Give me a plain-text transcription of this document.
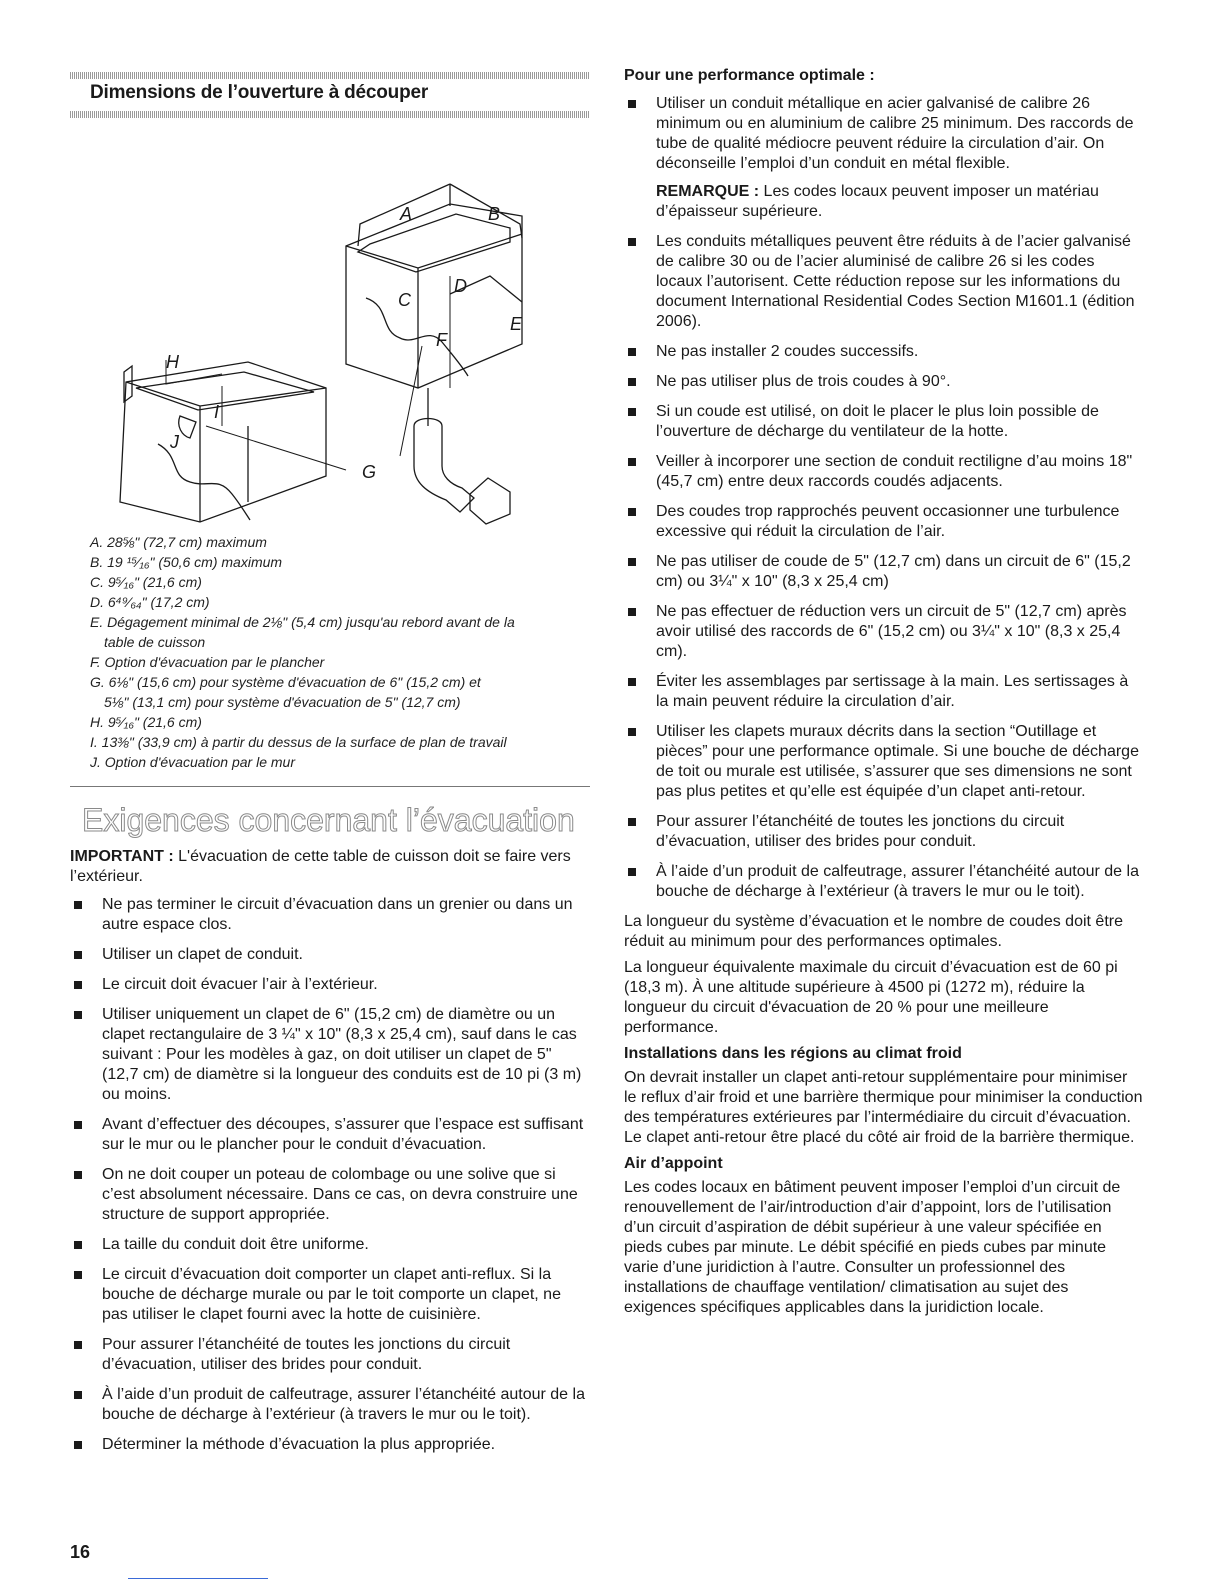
Dimensions de l’ouverture à découper
A	B
C
D
E
F
G
H
I
J
A. 28⅝" (72,7 cm) maximum
B. 19 ¹⁵⁄₁₆" (50,6 cm) maximum
C. 9⁵⁄₁₆" (21,6 cm)
D. 6⁴⁹⁄₆₄" (17,2 cm)
E. Dégagement minimal de 2⅛" (5,4 cm) jusqu'au rebord avant de la
table de cuisson
F. Option d'évacuation par le plancher
G. 6⅛" (15,6 cm) pour système d'évacuation de 6" (15,2 cm) et
5⅛" (13,1 cm) pour système d'évacuation de 5" (12,7 cm)
H. 9⁵⁄₁₆" (21,6 cm)
I. 13⅜" (33,9 cm) à partir du dessus de la surface de plan de travail
J. Option d'évacuation par le mur
Exigences concernant l’évacuation

IMPORTANT : L'évacuation de cette table de cuisson doit se faire vers l’extérieur.

Ne pas terminer le circuit d’évacuation dans un grenier ou dans un autre espace clos.
Utiliser un clapet de conduit.
Le circuit doit évacuer l’air à l’extérieur.
Utiliser uniquement un clapet de 6" (15,2 cm) de diamètre ou un clapet rectangulaire de 3 ¼" x 10" (8,3 x 25,4 cm), sauf dans le cas suivant : Pour les modèles à gaz, on doit utiliser un clapet de 5" (12,7 cm) de diamètre si la longueur des conduits est de 10 pi (3 m) ou moins.
Avant d’effectuer des découpes, s’assurer que l’espace est suffisant sur le mur ou le plancher pour le conduit d’évacuation.
On ne doit couper un poteau de colombage ou une solive que si c’est absolument nécessaire. Dans ce cas, on devra construire une structure de support appropriée.
La taille du conduit doit être uniforme.
Le circuit d’évacuation doit comporter un clapet anti-reflux. Si la bouche de décharge murale ou par le toit comporte un clapet, ne pas utiliser le clapet fourni avec la hotte de cuisinière.
Pour assurer l’étanchéité de toutes les jonctions du circuit d’évacuation, utiliser des brides pour conduit.
À l’aide d’un produit de calfeutrage, assurer l’étanchéité autour de la bouche de décharge à l’extérieur (à travers le mur ou le toit).
Déterminer la méthode d’évacuation la plus appropriée.

Pour une performance optimale :

Utiliser un conduit métallique en acier galvanisé de calibre 26 minimum ou en aluminium de calibre 25 minimum. Des raccords de tube de qualité médiocre peuvent réduire la circulation d’air. On déconseille l’emploi d’un conduit en métal flexible.

REMARQUE : Les codes locaux peuvent imposer un matériau d’épaisseur supérieure.

Les conduits métalliques peuvent être réduits à de l’acier galvanisé de calibre 30 ou de l’acier aluminisé de calibre 26 si les codes locaux l’autorisent. Cette réduction repose sur les informations du document International Residential Codes Section M1601.1 (édition 2006).
Ne pas installer 2 coudes successifs.
Ne pas utiliser plus de trois coudes à 90°.
Si un coude est utilisé, on doit le placer le plus loin possible de l’ouverture de décharge du ventilateur de la hotte.
Veiller à incorporer une section de conduit rectiligne d’au moins 18" (45,7 cm) entre deux raccords coudés adjacents.
Des coudes trop rapprochés peuvent occasionner une turbulence excessive qui réduit la circulation de l’air.
Ne pas utiliser de coude de 5" (12,7 cm) dans un circuit de 6" (15,2 cm) ou 3¼" x 10" (8,3 x 25,4 cm)
Ne pas effectuer de réduction vers un circuit de 5" (12,7 cm) après avoir utilisé des raccords de 6" (15,2 cm) ou 3¼" x 10" (8,3 x 25,4 cm).
Éviter les assemblages par sertissage à la main. Les sertissages à la main peuvent réduire la circulation d’air.
Utiliser les clapets muraux décrits dans la section “Outillage et pièces” pour une performance optimale. Si une bouche de décharge de toit ou murale est utilisée, s’assurer que ses dimensions ne sont pas plus petites et qu’elle est équipée d’un clapet anti-retour.
Pour assurer l’étanchéité de toutes les jonctions du circuit d’évacuation, utiliser des brides pour conduit.
À l’aide d’un produit de calfeutrage, assurer l’étanchéité autour de la bouche de décharge à l’extérieur (à travers le mur ou le toit).

La longueur du système d’évacuation et le nombre de coudes doit être réduit au minimum pour des performances optimales.

La longueur équivalente maximale du circuit d’évacuation est de 60 pi (18,3 m). À une altitude supérieure à 4500 pi (1272 m), réduire la longueur du circuit d'évacuation de 20 % pour une meilleure performance.

Installations dans les régions au climat froid

On devrait installer un clapet anti-retour supplémentaire pour minimiser le reflux d’air froid et une barrière thermique pour minimiser la conduction des températures extérieures par l’intermédiaire du circuit d’évacuation. Le clapet anti-retour être placé du côté air froid de la barrière thermique.

Air d’appoint

Les codes locaux en bâtiment peuvent imposer l’emploi d’un circuit de renouvellement de l’air/introduction d’air d’appoint, lors de l’utilisation d’un circuit d’aspiration de débit supérieur à une valeur spécifiée en pieds cubes par minute. Le débit spécifié en pieds cubes par minute varie d’une juridiction à l’autre. Consulter un professionnel des installations de chauffage ventilation/ climatisation au sujet des exigences spécifiques applicables dans la juridiction locale.

16
